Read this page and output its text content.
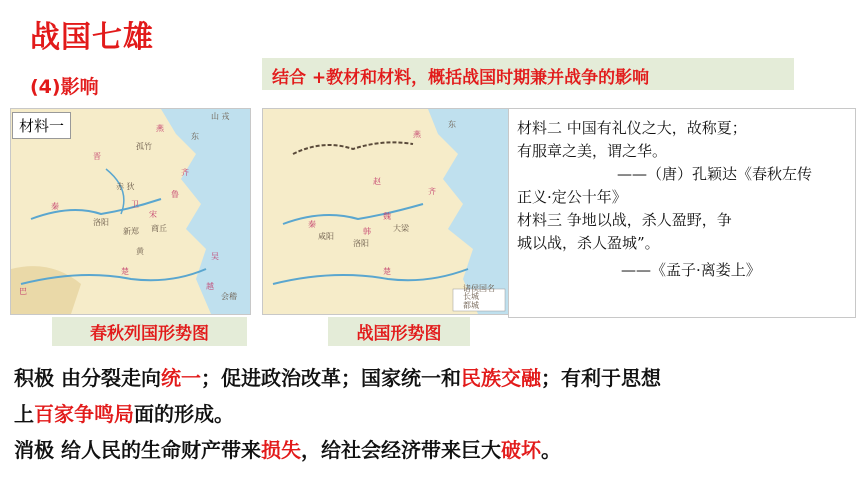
战国七雄
(4)影响	结合 +教材和材料，概括战国时期兼并战争的影响
山 戎
燕
秦
晋
赤 狄
齐
鲁
宋
洛阳
新郑 商丘
巴
越
会稽
吴
楚
东
黄
孤竹
卫
材料一	东
燕
赵
魏
齐
韩
秦
楚
洛阳
咸阳
大梁
长城
都城
诸侯国名
春秋列国形势图	战国形势图
材料二 中国有礼仪之大，故称夏；
有服章之美，谓之华。
——（唐）孔颖达《春秋左传
正义·定公十年》
材料三 争地以战，杀人盈野，争
城以战，杀人盈城”。
——《孟子·离娄上》
积极 由分裂走向统一；促进政治改革；国家统一和民族交融；有利于思想
上百家争鸣局面的形成。
消极 给人民的生命财产带来损失，给社会经济带来巨大破坏。
